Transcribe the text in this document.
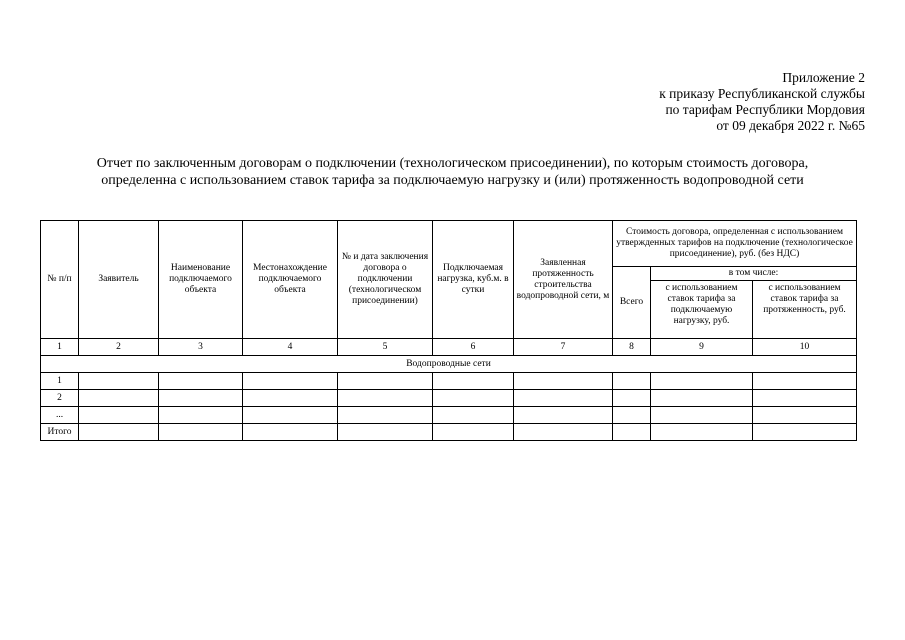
Приложение 2
к приказу Республиканской службы
по тарифам Республики Мордовия
от 09 декабря 2022 г. №65
Отчет по заключенным договорам о подключении (технологическом присоединении), по которым стоимость договора,
определенна с использованием ставок тарифа за подключаемую нагрузку и (или) протяженность водопроводной сети
№ п/п	Заявитель	Наименование подключаемого объекта	Местонахождение подключаемого объекта	№ и дата заключения договора о подключении (технологическом присоединении)	Подключаемая нагрузка, куб.м. в сутки	Заявленная протяженность строительства водопроводной сети, м	Стоимость договора, определенная с использованием утвержденных тарифов на подключение (технологическое присоединение), руб. (без НДС)		
							Всего	в том числе:	
								с использованием ставок тарифа за подключаемую нагрузку, руб.	с использованием ставок тарифа за протяженность, руб.
1	2	3	4	5	6	7	8	9	10
Водопроводные сети									
1									
2									
...									
Итого									
